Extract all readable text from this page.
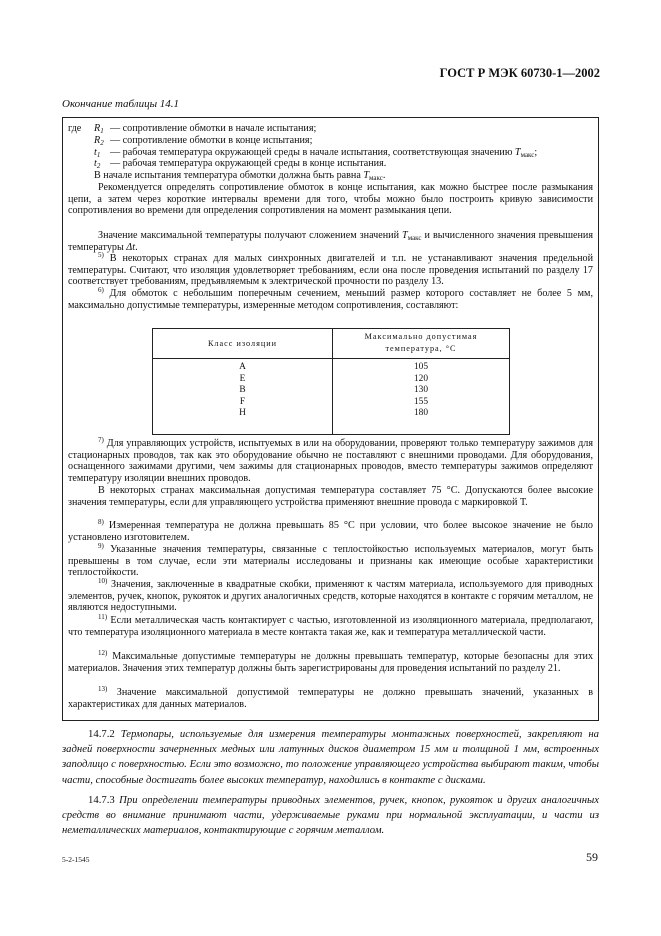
ГОСТ Р МЭК 60730-1—2002
Окончание таблицы 14.1
где $R_1$ — сопротивление обмотки в начале испытания;
$R_2$ — сопротивление обмотки в конце испытания;
$t_1$ — рабочая температура окружающей среды в начале испытания, соответствующая значению $T_{макс}$;
$t_2$ — рабочая температура окружающей среды в конце испытания.
В начале испытания температура обмотки должна быть равна $T_{макс}$.
Рекомендуется определять сопротивление обмоток в конце испытания, как можно быстрее после размыкания цепи, а затем через короткие интервалы времени для того, чтобы можно было построить кривую зависимости сопротивления во времени для определения сопротивления на момент размыкания цепи.
Значение максимальной температуры получают сложением значений $T_{макс}$ и вычисленного значения превышения температуры Δt.
$^{5)}$ В некоторых странах для малых синхронных двигателей и т.п. не устанавливают значения предельной температуры. Считают, что изоляция удовлетворяет требованиям, если она после проведения испытаний по разделу 17 соответствует требованиям, предъявляемым к электрической прочности по разделу 13.
$^{6)}$ Для обмоток с небольшим поперечным сечением, меньший размер которого составляет не более 5 мм, максимально допустимые температуры, измеренные методом сопротивления, составляют:
Класс изоляции
Максимально допустимая
температура, °С
A
E
B
F
H
105
120
130
155
180
$^{7)}$ Для управляющих устройств, испытуемых в или на оборудовании, проверяют только температуру зажимов для стационарных проводов, так как это оборудование обычно не поставляют с внешними проводами. Для оборудования, оснащенного зажимами другими, чем зажимы для стационарных проводов, вместо температуры зажимов определяют температуру изоляции внешних проводов.
В некоторых странах максимальная допустимая температура составляет 75 °С. Допускаются более высокие значения температуры, если для управляющего устройства применяют внешние провода с маркировкой Т.
$^{8)}$ Измеренная температура не должна превышать 85 °С при условии, что более высокое значение не было установлено изготовителем.
$^{9)}$ Указанные значения температуры, связанные с теплостойкостью используемых материалов, могут быть превышены в том случае, если эти материалы исследованы и признаны как имеющие особые характеристики теплостойкости.
$^{10)}$ Значения, заключенные в квадратные скобки, применяют к частям материала, используемого для приводных элементов, ручек, кнопок, рукояток и других аналогичных средств, которые находятся в контакте с горячим металлом, не являются недоступными.
$^{11)}$ Если металлическая часть контактирует с частью, изготовленной из изоляционного материала, предполагают, что температура изоляционного материала в месте контакта такая же, как и температура металлической части.
$^{12)}$ Максимальные допустимые температуры не должны превышать температур, которые безопасны для этих материалов. Значения этих температур должны быть зарегистрированы для проведения испытаний по разделу 21.
$^{13)}$ Значение максимальной допустимой температуры не должно превышать значений, указанных в характеристиках для данных материалов.
14.7.2 Термопары, используемые для измерения температуры монтажных поверхностей, закрепляют на задней поверхности зачерненных медных или латунных дисков диаметром 15 мм и толщиной 1 мм, встроенных заподлицо с поверхностью. Если это возможно, то положение управляющего устройства выбирают таким, чтобы части, способные достигать более высоких температур, находились в контакте с дисками.
14.7.3 При определении температуры приводных элементов, ручек, кнопок, рукояток и других аналогичных средств во внимание принимают части, удерживаемые руками при нормальной эксплуатации, и части из неметаллических материалов, контактирующие с горячим металлом.
5-2-1545	59
